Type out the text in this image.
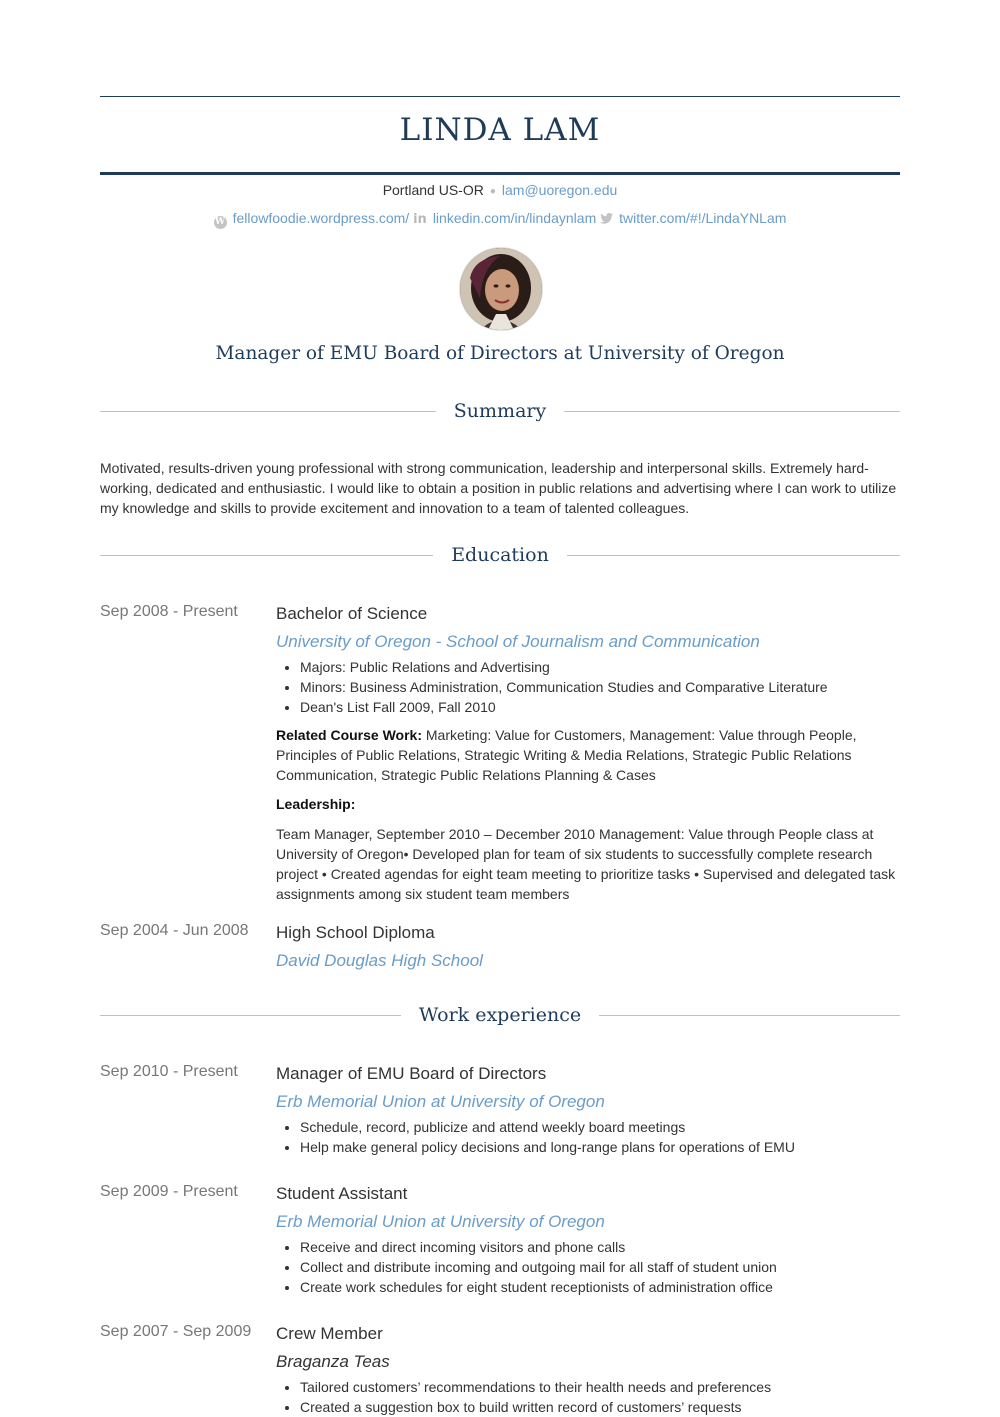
LINDA LAM
Portland US-OR ● lam@uoregon.edu
W fellowfoodie.wordpress.com/ in linkedin.com/in/lindaynlam twitter.com/#!/LindaYNLam
Manager of EMU Board of Directors at University of Oregon
Summary
Motivated, results-driven young professional with strong communication, leadership and interpersonal skills. Extremely hard-working, dedicated and enthusiastic. I would like to obtain a position in public relations and advertising where I can work to utilize my knowledge and skills to provide excitement and innovation to a team of talented colleagues.
Education
Sep 2008 - Present Bachelor of Science
University of Oregon - School of Journalism and Communication
• Majors: Public Relations and Advertising
• Minors: Business Administration, Communication Studies and Comparative Literature
• Dean's List Fall 2009, Fall 2010

Related Course Work: Marketing: Value for Customers, Management: Value through People, Principles of Public Relations, Strategic Writing & Media Relations, Strategic Public Relations Communication, Strategic Public Relations Planning & Cases

Leadership:

Team Manager, September 2010 – December 2010 Management: Value through People class at University of Oregon• Developed plan for team of six students to successfully complete research project • Created agendas for eight team meeting to prioritize tasks • Supervised and delegated task assignments among six student team members

Sep 2004 - Jun 2008 High School Diploma
David Douglas High School
Work experience
Sep 2010 - Present Manager of EMU Board of Directors
Erb Memorial Union at University of Oregon
• Schedule, record, publicize and attend weekly board meetings
• Help make general policy decisions and long-range plans for operations of EMU
Sep 2009 - Present Student Assistant
Erb Memorial Union at University of Oregon
• Receive and direct incoming visitors and phone calls
• Collect and distribute incoming and outgoing mail for all staff of student union
• Create work schedules for eight student receptionists of administration office
Sep 2007 - Sep 2009 Crew Member
Braganza Teas
• Tailored customers’ recommendations to their health needs and preferences
• Created a suggestion box to build written record of customers’ requests
